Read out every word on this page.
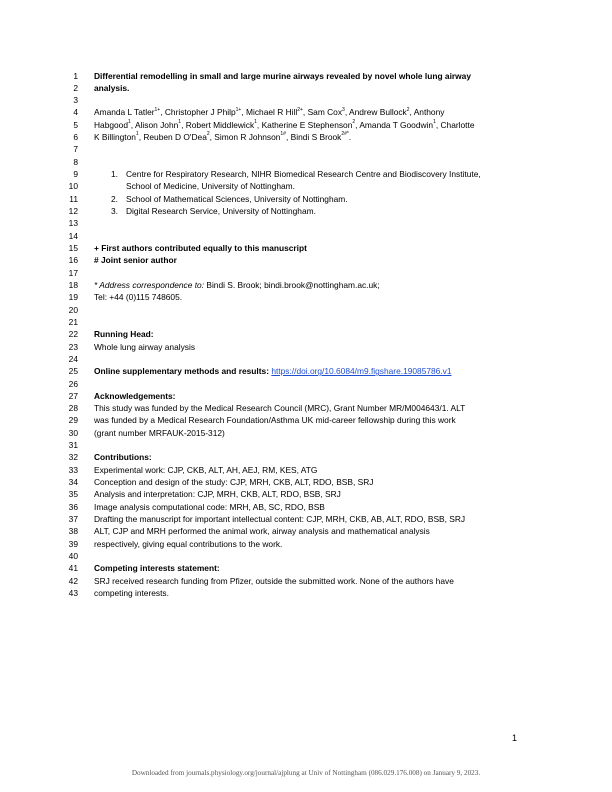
1 Differential remodelling in small and large murine airways revealed by novel whole lung airway
2 analysis.
3
4 Amanda L Tatler$^{1+}$, Christopher J Philp$^{1+}$, Michael R Hill$^{2+}$, Sam Cox$^3$, Andrew Bullock$^2$, Anthony
5 Habgood$^1$, Alison John$^1$, Robert Middlewick$^1$, Katherine E Stephenson$^2$, Amanda T Goodwin$^1$, Charlotte
6 K Billington$^1$, Reuben D O'Dea$^2$, Simon R Johnson$^{1\#}$, Bindi S Brook$^{2\#*}$.
7
8
9	1. Centre for Respiratory Research, NIHR Biomedical Research Centre and Biodiscovery Institute,
10	School of Medicine, University of Nottingham.
11	2. School of Mathematical Sciences, University of Nottingham.
12	3. Digital Research Service, University of Nottingham.
13
14
15 + First authors contributed equally to this manuscript
16 # Joint senior author
17
18 * Address correspondence to: Bindi S. Brook; bindi.brook@nottingham.ac.uk;
19 Tel: +44 (0)115 748605.
20
21
22 Running Head:
23 Whole lung airway analysis
24
25 Online supplementary methods and results: https://doi.org/10.6084/m9.figshare.19085786.v1
26
27 Acknowledgements:
28 This study was funded by the Medical Research Council (MRC), Grant Number MR/M004643/1. ALT
29 was funded by a Medical Research Foundation/Asthma UK mid-career fellowship during this work
30 (grant number MRFAUK-2015-312)
31
32 Contributions:
33 Experimental work: CJP, CKB, ALT, AH, AEJ, RM, KES, ATG
34 Conception and design of the study: CJP, MRH, CKB, ALT, RDO, BSB, SRJ
35 Analysis and interpretation: CJP, MRH, CKB, ALT, RDO, BSB, SRJ
36 Image analysis computational code: MRH, AB, SC, RDO, BSB
37 Drafting the manuscript for important intellectual content: CJP, MRH, CKB, AB, ALT, RDO, BSB, SRJ
38 ALT, CJP and MRH performed the animal work, airway analysis and mathematical analysis
39 respectively, giving equal contributions to the work.
40
41 Competing interests statement:
42 SRJ received research funding from Pfizer, outside the submitted work. None of the authors have
43 competing interests.
1
Downloaded from journals.physiology.org/journal/ajplung at Univ of Nottingham (086.029.176.008) on January 9, 2023.
